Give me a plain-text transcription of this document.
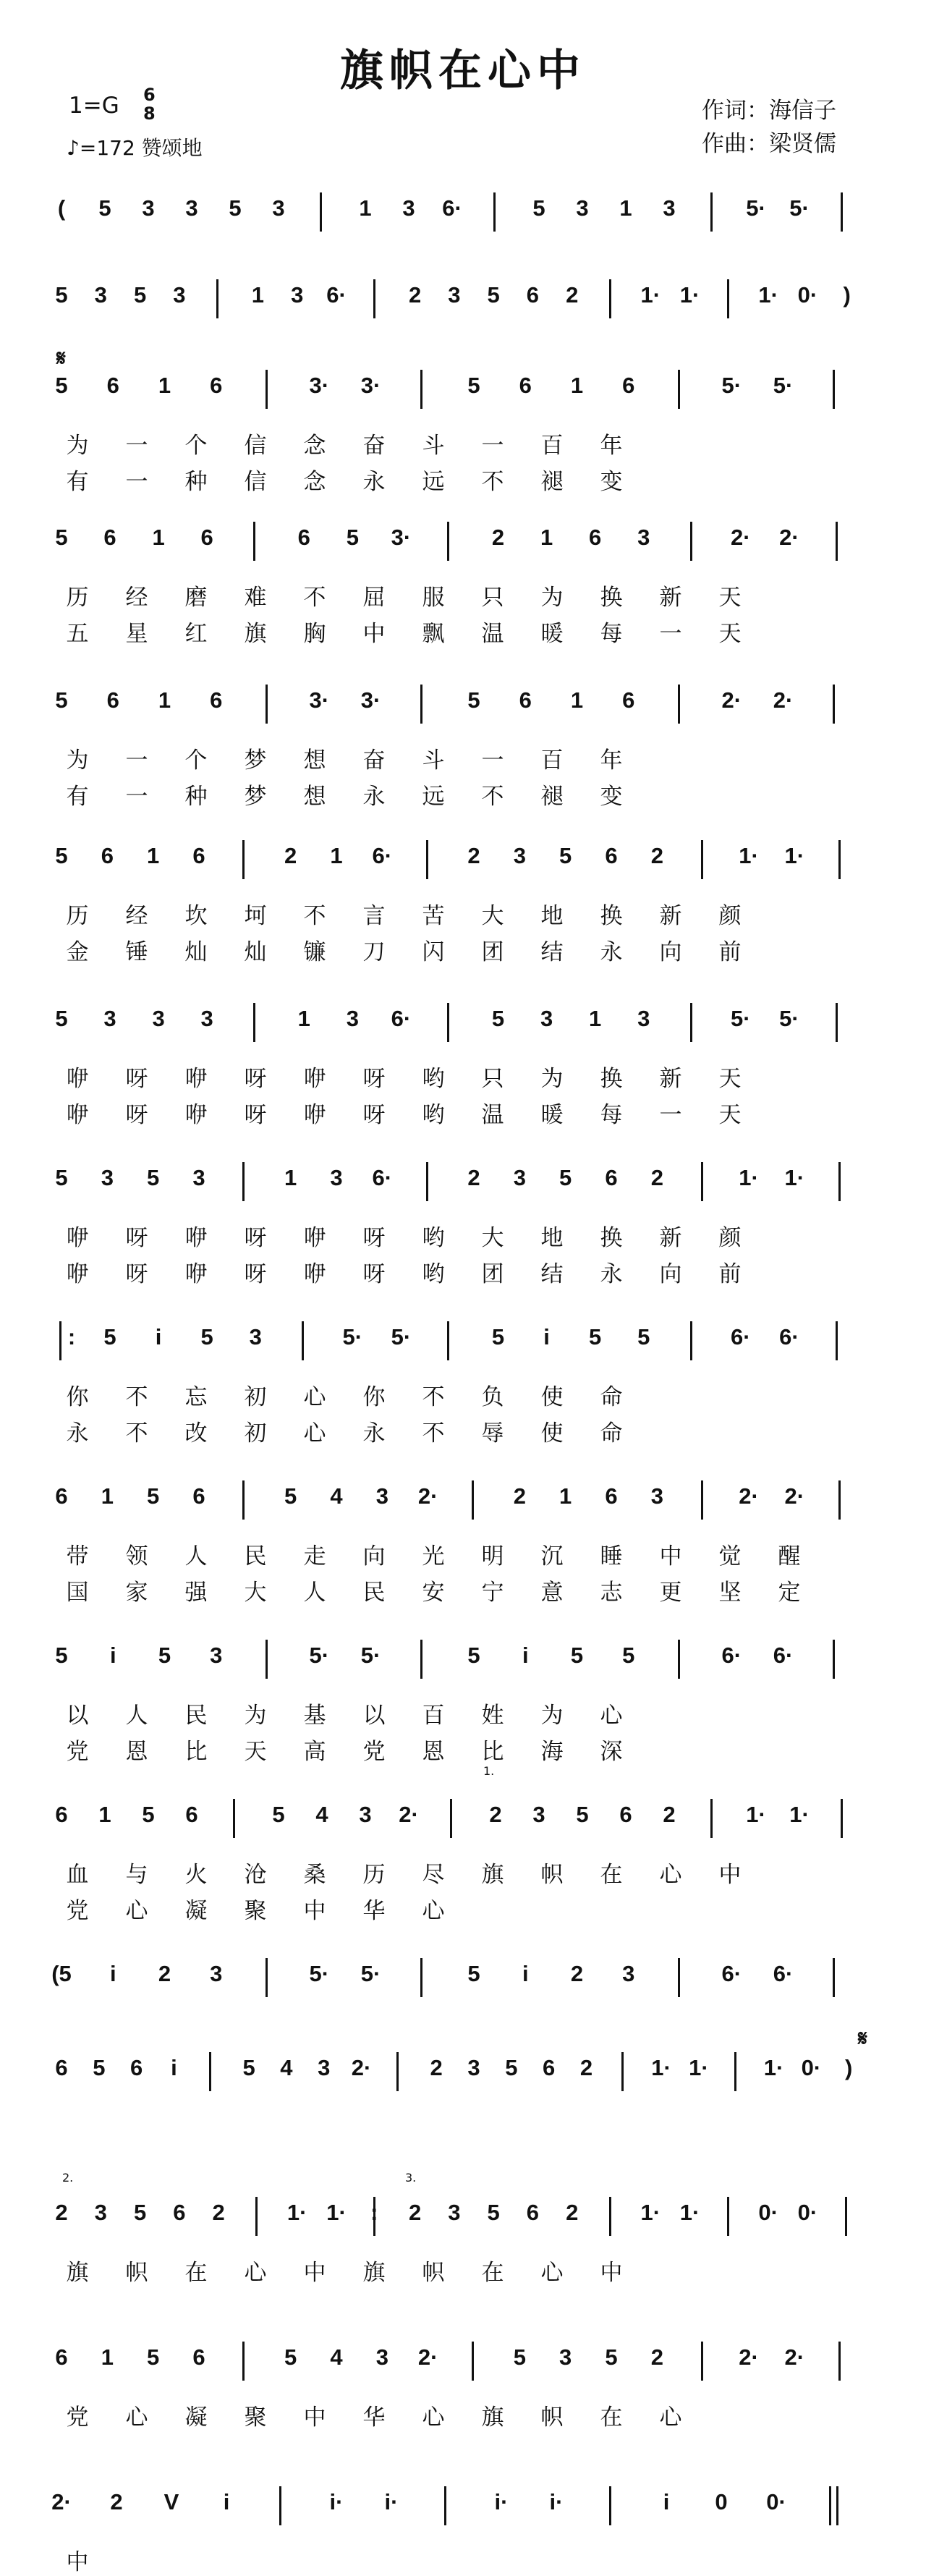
旗帜在心中
1=G 6
8
♪=172 赞颂地
作词：海信子
作曲：梁贤儒
(	5 3 3 5 3	1 3 6·	5 3 1 3	5· 5·
5 3 5 3	1 3 6·	2 3 5 6 2	1· 1·	1· 0·	)
5 6 1 6	3· 3·	5 6 1 6	5· 5·
为 一 个 信 念 奋 斗 一 百 年
有 一 种 信 念 永 远 不 褪 变
5 6 1 6	6 5 3·	2 1 6 3	2· 2·
历 经 磨 难 不 屈 服 只 为 换 新 天
五 星 红 旗 胸 中 飘 温 暖 每 一 天
5 6 1 6	3· 3·	5 6 1 6	2· 2·
为 一 个 梦 想 奋 斗 一 百 年
有 一 种 梦 想 永 远 不 褪 变
5 6 1 6	2 1 6·	2 3 5 6 2	1· 1·
历 经 坎 坷 不 言 苦 大 地 换 新 颜
金 锤 灿 灿 镰 刀 闪 团 结 永 向 前
5 3 3 3	1 3 6·	5 3 1 3	5· 5·
咿 呀 咿 呀 咿 呀 哟 只 为 换 新 天
咿 呀 咿 呀 咿 呀 哟 温 暖 每 一 天
5 3 5 3	1 3 6·	2 3 5 6 2	1· 1·
咿 呀 咿 呀 咿 呀 哟 大 地 换 新 颜
咿 呀 咿 呀 咿 呀 哟 团 结 永 向 前
:	5	i	5 3	5· 5·	5	i	5 5	6· 6·
你 不 忘 初 心 你 不 负 使 命
永 不 改 初 心 永 不 辱 使 命
6 1 5 6	5 4 3 2·	2 1 6 3	2· 2·
带 领 人 民 走 向 光 明 沉 睡 中 觉 醒
国 家 强 大 人 民 安 宁 意 志 更 坚 定
5	i	5 3	5· 5·	5	i	5 5	6· 6·
以 人 民 为 基 以 百 姓 为 心
党 恩 比 天 高 党 恩 比 海 深
6 1 5 6	5 4 3 2·	2 3 5 6 2	1· 1·
血 与 火 沧 桑 历 尽 旗 帜 在 心 中
党 心 凝 聚 中 华 心
(5	i	2 3	5· 5·	5	i	2 3	6· 6·
6 5 6	i	5 4 3 2·	2 3 5 6 2	1· 1· 1· 0·	)
2 3 5 6 2	1· 1·	:	2 3 5 6 2	1· 1·	0· 0·
旗 帜 在 心 中 旗 帜 在 心 中
6 1 5 6	5 4 3 2·	5 3 5 2	2· 2·
党 心 凝 聚 中 华 心 旗 帜 在 心
2· 2 V	i	i· i·	i· i·	i	0 0·
中
𝄋
𝄋
1.
2.	3.
